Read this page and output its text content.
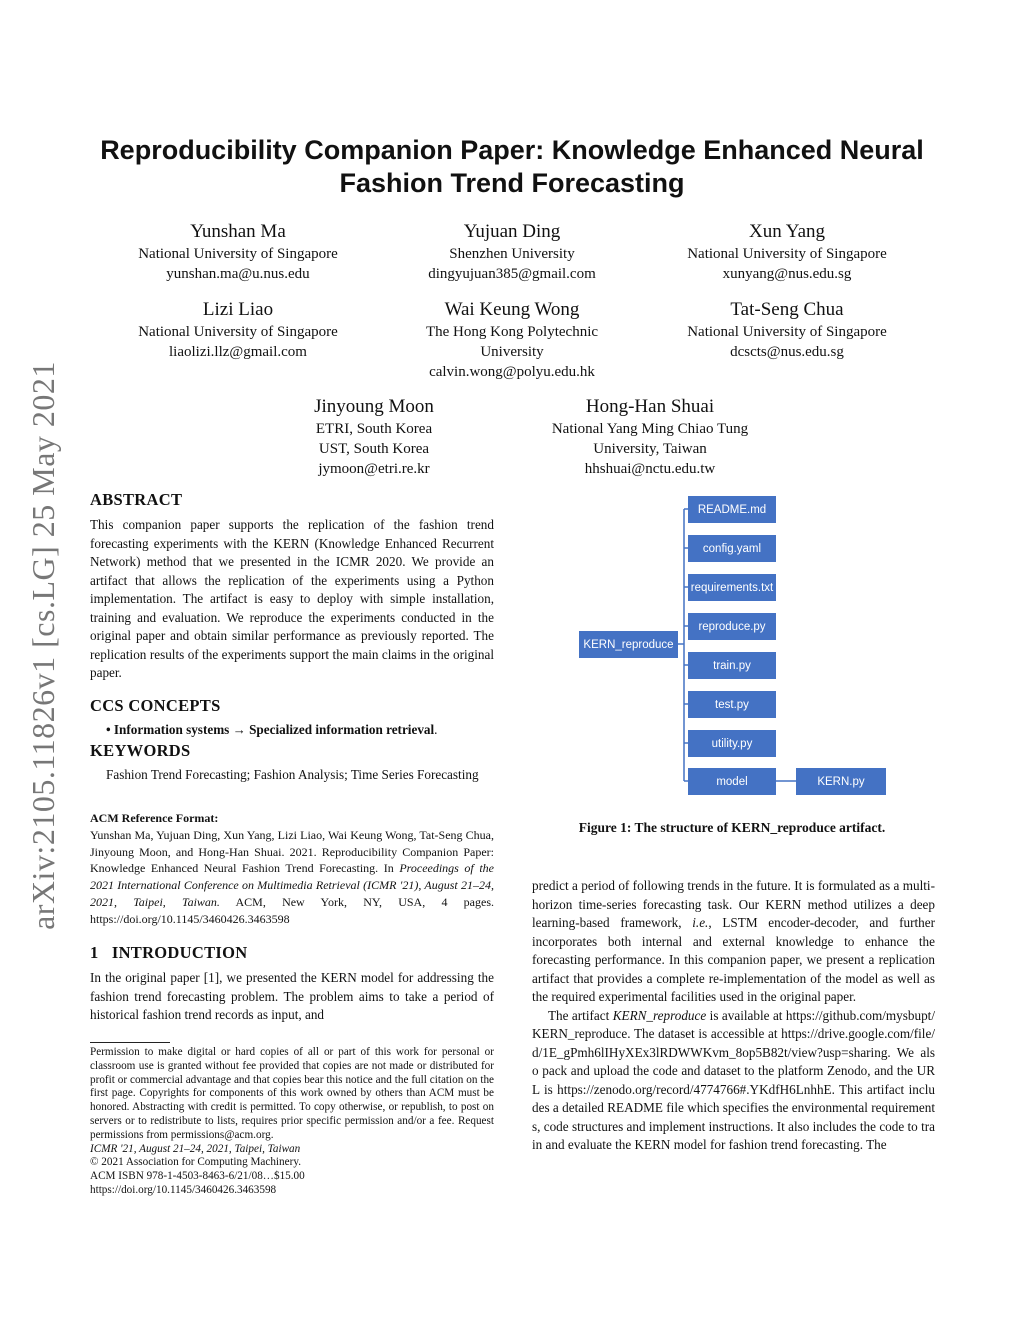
arXiv:2105.11826v1 [cs.LG] 25 May 2021
Reproducibility Companion Paper: Knowledge Enhanced Neural
Fashion Trend Forecasting
Yunshan Ma
National University of Singapore
yunshan.ma@u.nus.edu
Yujuan Ding
Shenzhen University
dingyujuan385@gmail.com
Xun Yang
National University of Singapore
xunyang@nus.edu.sg
Lizi Liao
National University of Singapore
liaolizi.llz@gmail.com
Wai Keung Wong
The Hong Kong Polytechnic
University
calvin.wong@polyu.edu.hk
Tat-Seng Chua
National University of Singapore
dcscts@nus.edu.sg
Jinyoung Moon
ETRI, South Korea
UST, South Korea
jymoon@etri.re.kr
Hong-Han Shuai
National Yang Ming Chiao Tung
University, Taiwan
hhshuai@nctu.edu.tw
ABSTRACT

This companion paper supports the replication of the fashion trend forecasting experiments with the KERN (Knowledge Enhanced Recurrent Network) method that we presented in the ICMR 2020. We provide an artifact that allows the replication of the experiments using a Python implementation. The artifact is easy to deploy with simple installation, training and evaluation. We reproduce the experiments conducted in the original paper and obtain similar performance as previously reported. The replication results of the experiments support the main claims in the original paper.

CCS CONCEPTS
• Information systems → Specialized information retrieval.
KEYWORDS

Fashion Trend Forecasting; Fashion Analysis; Time Series Forecasting

ACM Reference Format:

Yunshan Ma, Yujuan Ding, Xun Yang, Lizi Liao, Wai Keung Wong, Tat-Seng Chua, Jinyoung Moon, and Hong-Han Shuai. 2021. Reproducibility Companion Paper: Knowledge Enhanced Neural Fashion Trend Forecasting. In Proceedings of the 2021 International Conference on Multimedia Retrieval (ICMR '21), August 21–24, 2021, Taipei, Taiwan. ACM, New York, NY, USA, 4 pages. https://doi.org/10.1145/3460426.3463598

1 INTRODUCTION

In the original paper [1], we presented the KERN model for addressing the fashion trend forecasting problem. The problem aims to take a period of historical fashion trend records as input, and

Permission to make digital or hard copies of all or part of this work for personal or classroom use is granted without fee provided that copies are not made or distributed for profit or commercial advantage and that copies bear this notice and the full citation on the first page. Copyrights for components of this work owned by others than ACM must be honored. Abstracting with credit is permitted. To copy otherwise, or republish, to post on servers or to redistribute to lists, requires prior specific permission and/or a fee. Request permissions from permissions@acm.org.

ICMR '21, August 21–24, 2021, Taipei, Taiwan
© 2021 Association for Computing Machinery.
ACM ISBN 978-1-4503-8463-6/21/08…$15.00
https://doi.org/10.1145/3460426.3463598
KERN_reproduce
README.md
config.yaml
requirements.txt
reproduce.py
train.py
test.py
utility.py
model	KERN.py
Figure 1: The structure of KERN_reproduce artifact.

predict a period of following trends in the future. It is formulated as a multi-horizon time-series forecasting task. Our KERN method utilizes a deep learning-based framework, i.e., LSTM encoder-decoder, and further incorporates both internal and external knowledge to enhance the forecasting performance. In this companion paper, we present a replication artifact that provides a complete re-implementation of the model as well as the required experimental facilities used in the original paper.

The artifact KERN_reproduce is available at https://github.com/mysbupt/KERN_reproduce. The dataset is accessible at https://drive.google.com/file/d/1E_gPmh6lIHyXEx3lRDWWKvm_8op5B82t/view?usp=sharing. We also pack and upload the code and dataset to the platform Zenodo, and the URL is https://zenodo.org/record/4774766#.YKdfH6LnhhE. This artifact includes a detailed README file which specifies the environmental requirements, code structures and implement instructions. It also includes the code to train and evaluate the KERN model for fashion trend forecasting. The
